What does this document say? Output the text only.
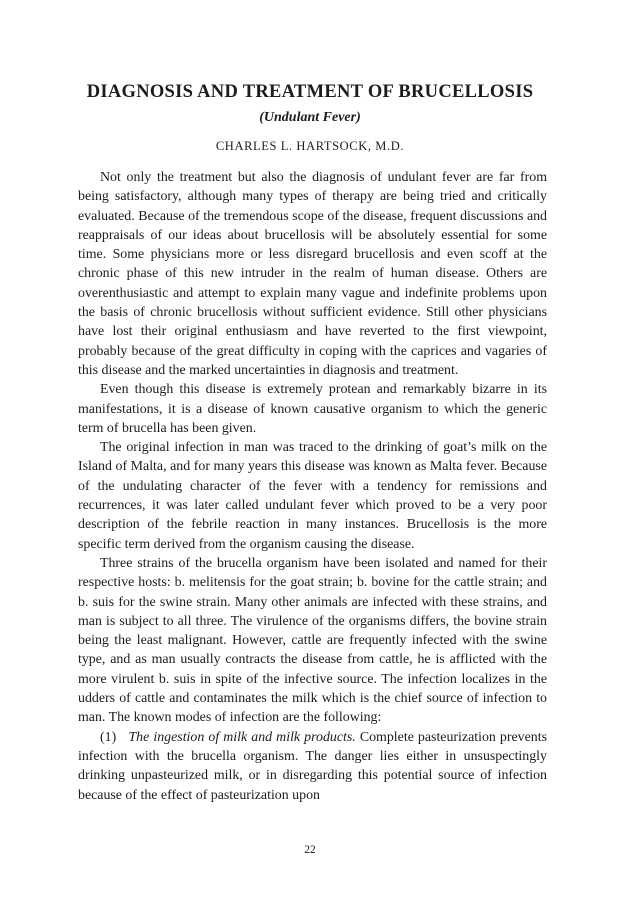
DIAGNOSIS AND TREATMENT OF BRUCELLOSIS
(Undulant Fever)
CHARLES L. HARTSOCK, M.D.

Not only the treatment but also the diagnosis of undulant fever are far from being satisfactory, although many types of therapy are being tried and critically evaluated. Because of the tremendous scope of the disease, frequent discussions and reappraisals of our ideas about brucellosis will be absolutely essential for some time. Some physicians more or less disregard brucellosis and even scoff at the chronic phase of this new intruder in the realm of human disease. Others are overenthusiastic and attempt to explain many vague and indefinite problems upon the basis of chronic brucellosis without sufficient evidence. Still other physicians have lost their original enthusiasm and have reverted to the first viewpoint, probably because of the great difficulty in coping with the caprices and vagaries of this disease and the marked uncertainties in diagnosis and treatment.

Even though this disease is extremely protean and remarkably bizarre in its manifestations, it is a disease of known causative organism to which the generic term of brucella has been given.

The original infection in man was traced to the drinking of goat’s milk on the Island of Malta, and for many years this disease was known as Malta fever. Because of the undulating character of the fever with a tendency for remissions and recurrences, it was later called undulant fever which proved to be a very poor description of the febrile reaction in many instances. Brucellosis is the more specific term derived from the organism causing the disease.

Three strains of the brucella organism have been isolated and named for their respective hosts: b. melitensis for the goat strain; b. bovine for the cattle strain; and b. suis for the swine strain. Many other animals are infected with these strains, and man is subject to all three. The virulence of the organisms differs, the bovine strain being the least malignant. However, cattle are frequently infected with the swine type, and as man usually contracts the disease from cattle, he is afflicted with the more virulent b. suis in spite of the infective source. The infection localizes in the udders of cattle and contaminates the milk which is the chief source of infection to man. The known modes of infection are the following:

(1) The ingestion of milk and milk products. Complete pasteurization prevents infection with the brucella organism. The danger lies either in unsuspectingly drinking unpasteurized milk, or in disregarding this potential source of infection because of the effect of pasteurization upon

22
